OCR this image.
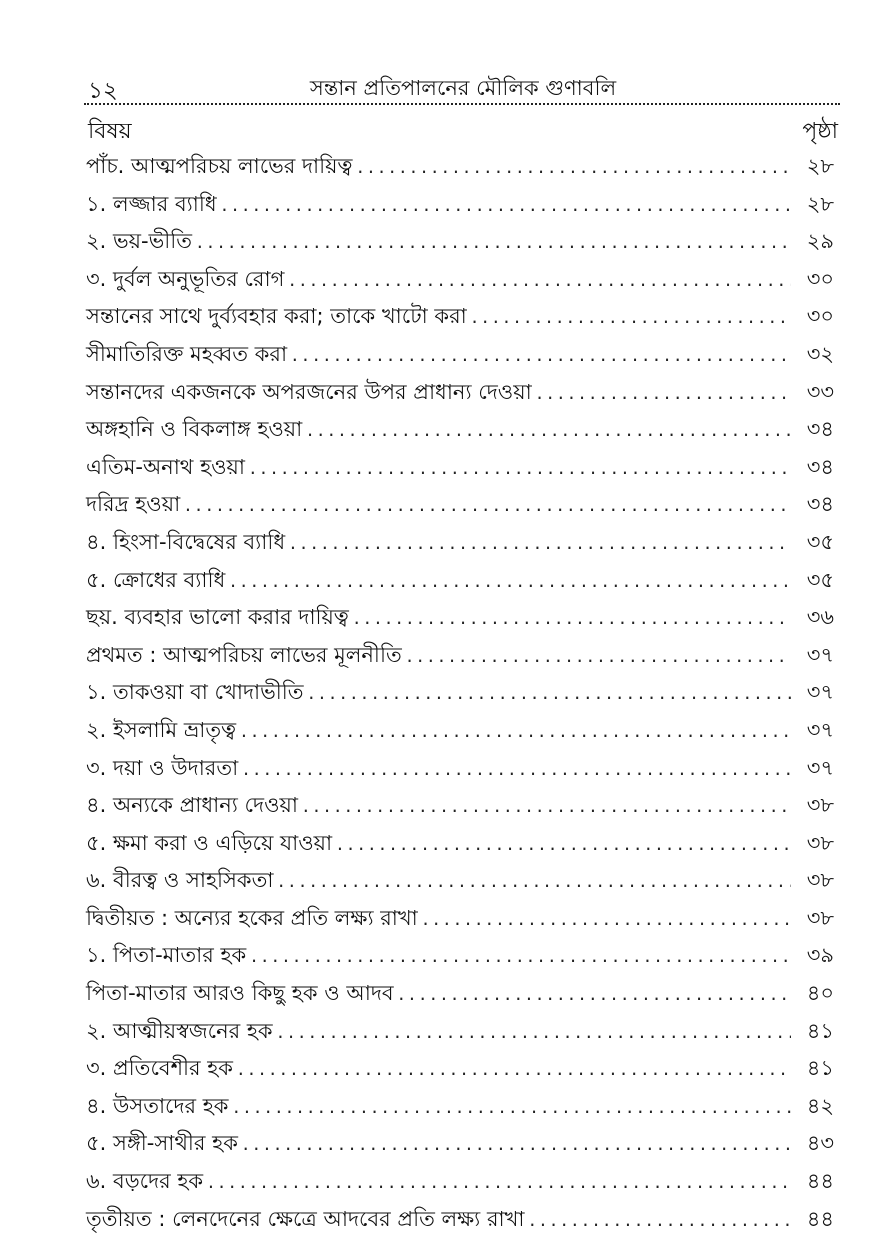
১২	সন্তান প্রতিপালনের মৌলিক গুণাবলি
বিষয়	পৃষ্ঠা
পাঁচ. আত্মপরিচয় লাভের দায়িত্ব .....	২৮
১. লজ্জার ব্যাধি .....	২৮
২. ভয়-ভীতি .....	২৯
৩. দুর্বল অনুভূতির রোগ .....	৩০
সন্তানের সাথে দুর্ব্যবহার করা; তাকে খাটো করা .....	৩০
সীমাতিরিক্ত মহব্বত করা .....	৩২
সন্তানদের একজনকে অপরজনের উপর প্রাধান্য দেওয়া .....	৩৩
অঙ্গহানি ও বিকলাঙ্গ হওয়া .....	৩৪
এতিম-অনাথ হওয়া .....	৩৪
দরিদ্র হওয়া .....	৩৪
৪. হিংসা-বিদ্বেষের ব্যাধি .....	৩৫
৫. ক্রোধের ব্যাধি .....	৩৫
ছয়. ব্যবহার ভালো করার দায়িত্ব .....	৩৬
প্রথমত : আত্মপরিচয় লাভের মূলনীতি .....	৩৭
১. তাকওয়া বা খোদাভীতি .....	৩৭
২. ইসলামি ভ্রাতৃত্ব .....	৩৭
৩. দয়া ও উদারতা .....	৩৭
৪. অন্যকে প্রাধান্য দেওয়া .....	৩৮
৫. ক্ষমা করা ও এড়িয়ে যাওয়া .....	৩৮
৬. বীরত্ব ও সাহসিকতা .....	৩৮
দ্বিতীয়ত : অন্যের হকের প্রতি লক্ষ্য রাখা .....	৩৮
১. পিতা-মাতার হক .....	৩৯
পিতা-মাতার আরও কিছু হক ও আদব .....	৪০
২. আত্মীয়স্বজনের হক .....	৪১
৩. প্রতিবেশীর হক .....	৪১
৪. উসতাদের হক .....	৪২
৫. সঙ্গী-সাথীর হক .....	৪৩
৬. বড়দের হক .....	৪৪
তৃতীয়ত : লেনদেনের ক্ষেত্রে আদবের প্রতি লক্ষ্য রাখা .....	৪৪
